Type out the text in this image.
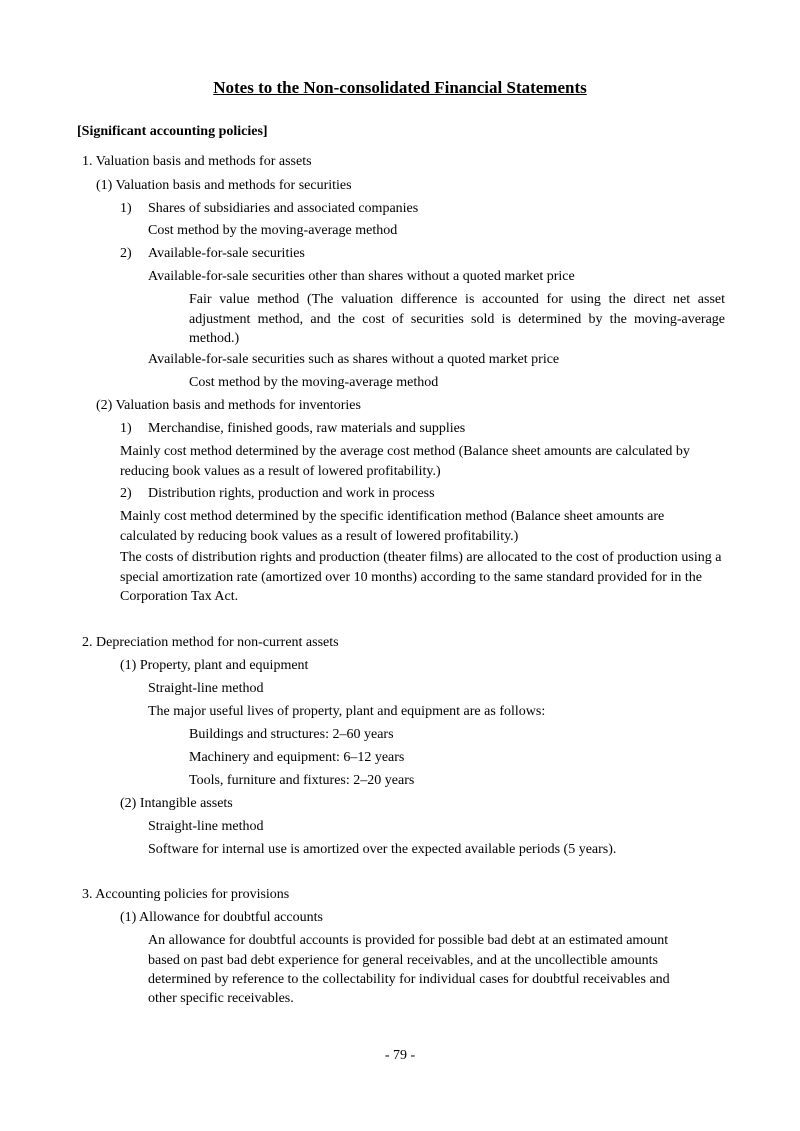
Notes to the Non-consolidated Financial Statements
[Significant accounting policies]
1. Valuation basis and methods for assets
(1) Valuation basis and methods for securities
1) Shares of subsidiaries and associated companies
Cost method by the moving-average method
2) Available-for-sale securities
Available-for-sale securities other than shares without a quoted market price

Fair value method (The valuation difference is accounted for using the direct net asset adjustment method, and the cost of securities sold is determined by the moving-average method.)

Available-for-sale securities such as shares without a quoted market price
Cost method by the moving-average method
(2) Valuation basis and methods for inventories
1) Merchandise, finished goods, raw materials and supplies

Mainly cost method determined by the average cost method (Balance sheet amounts are calculated by reducing book values as a result of lowered profitability.)

2) Distribution rights, production and work in process

Mainly cost method determined by the specific identification method (Balance sheet amounts are calculated by reducing book values as a result of lowered profitability.)

The costs of distribution rights and production (theater films) are allocated to the cost of production using a special amortization rate (amortized over 10 months) according to the same standard provided for in the Corporation Tax Act.

2. Depreciation method for non-current assets
(1) Property, plant and equipment
Straight-line method
The major useful lives of property, plant and equipment are as follows:
Buildings and structures: 2–60 years
Machinery and equipment: 6–12 years
Tools, furniture and fixtures: 2–20 years
(2) Intangible assets
Straight-line method
Software for internal use is amortized over the expected available periods (5 years).
3. Accounting policies for provisions
(1) Allowance for doubtful accounts
An allowance for doubtful accounts is provided for possible bad debt at an estimated amount
based on past bad debt experience for general receivables, and at the uncollectible amounts
determined by reference to the collectability for individual cases for doubtful receivables and
other specific receivables.
- 79 -
